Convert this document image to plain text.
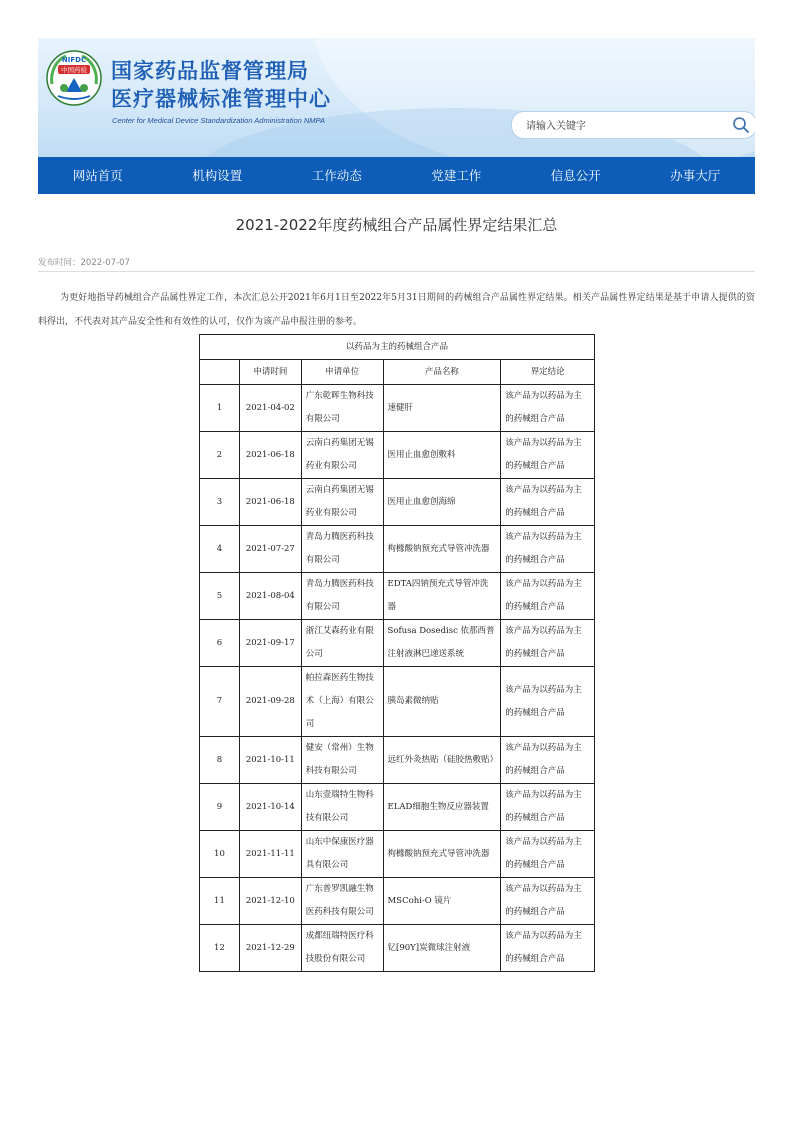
NIFDC
中国药检 国家药品监督管理局
医疗器械标准管理中心
Center for Medical Device Standardization Administration NMPA
请输入关键字
网站首页	机构设置	工作动态	党建工作	信息公开	办事大厅
2021-2022年度药械组合产品属性界定结果汇总
发布时间：2022-07-07
为更好地指导药械组合产品属性界定工作，本次汇总公开2021年6月1日至2022年5月31日期间的药械组合产品属性界定结果。相关产品属性界定结果是基于申请人提供的资料得出，不代表对其产品安全性和有效性的认可，仅作为该产品申报注册的参考。
以药品为主的药械组合产品				
	申请时间	申请单位	产品名称	界定结论
1	2021-04-02	广东乾晖生物科技有限公司	速健肝	该产品为以药品为主的药械组合产品
2	2021-06-18	云南白药集团无锡药业有限公司	医用止血愈创敷料	该产品为以药品为主的药械组合产品
3	2021-06-18	云南白药集团无锡药业有限公司	医用止血愈创海绵	该产品为以药品为主的药械组合产品
4	2021-07-27	青岛力腾医药科技有限公司	枸橼酸钠预充式导管冲洗器	该产品为以药品为主的药械组合产品
5	2021-08-04	青岛力腾医药科技有限公司	EDTA四钠预充式导管冲洗器	该产品为以药品为主的药械组合产品
6	2021-09-17	浙江艾森药业有限公司	Sofusa Dosedisc 依那西普注射液淋巴递送系统	该产品为以药品为主的药械组合产品
7	2021-09-28	帕拉森医药生物技术（上海）有限公司	胰岛素微纳贴	该产品为以药品为主的药械组合产品
8	2021-10-11	健安（常州）生物科技有限公司	远红外灸热贴（硅胶热敷贴）	该产品为以药品为主的药械组合产品
9	2021-10-14	山东壹瑞特生物科技有限公司	ELAD细胞生物反应器装置	该产品为以药品为主的药械组合产品
10	2021-11-11	山东中保康医疗器具有限公司	枸橼酸钠预充式导管冲洗器	该产品为以药品为主的药械组合产品
11	2021-12-10	广东普罗凯融生物医药科技有限公司	MSCohi-O 镜片	该产品为以药品为主的药械组合产品
12	2021-12-29	成都纽瑞特医疗科技股份有限公司	钇[90Y]炭微球注射液	该产品为以药品为主的药械组合产品
